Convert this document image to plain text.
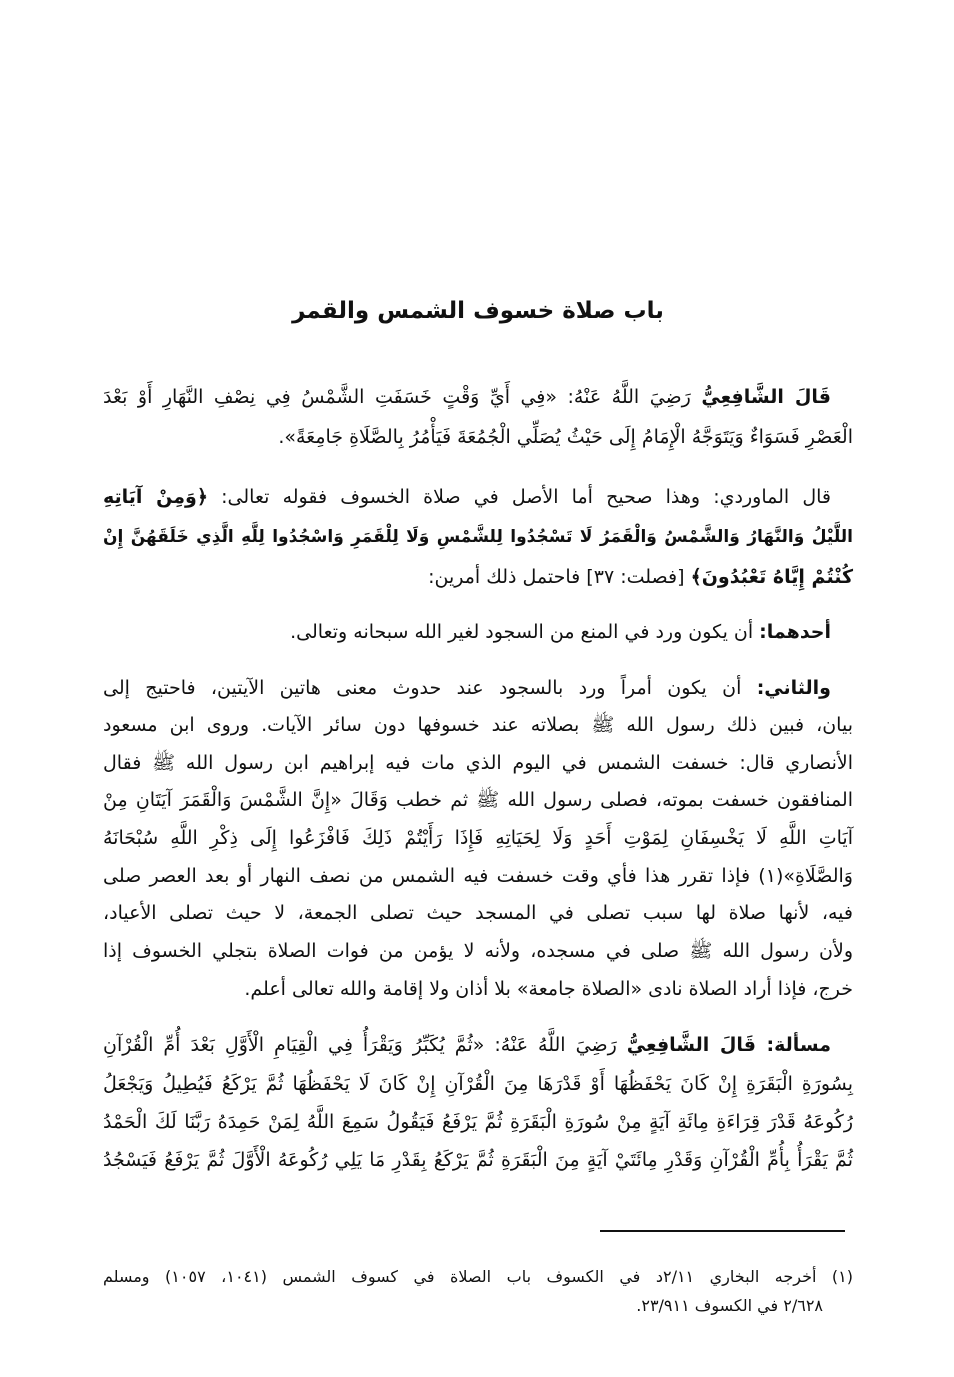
باب صلاة خسوف الشمس والقمر
قَالَ الشَّافِعِيُّ رَضِيَ اللَّهُ عَنْهُ: «فِي أَيِّ وَقْتٍ خَسَفَتِ الشَّمْسُ فِي نِصْفِ النَّهَارِ أَوْ بَعْدَ
الْعَصْرِ فَسَوَاءٌ وَيَتَوَجَّهُ الْإِمَامُ إِلَى حَيْثُ يُصَلِّي الْجُمُعَةَ فَيَأْمُرُ بِالصَّلَاةِ جَامِعَةً».
قال الماوردي: وهذا صحيح أما الأصل في صلاة الخسوف فقوله تعالى: ﴿وَمِنْ آيَاتِهِ
اللَّيْلُ وَالنَّهَارُ وَالشَّمْسُ وَالْقَمَرُ لَا تَسْجُدُوا لِلشَّمْسِ وَلَا لِلْقَمَرِ وَاسْجُدُوا لِلَّهِ الَّذِي خَلَقَهُنَّ إِنْ
كُنْتُمْ إِيَّاهُ تَعْبُدُونَ﴾ [فصلت: ٣٧] فاحتمل ذلك أمرين:
أحدهما: أن يكون ورد في المنع من السجود لغير الله سبحانه وتعالى.
والثاني: أن يكون أمراً ورد بالسجود عند حدوث معنى هاتين الآيتين، فاحتيج إلى
بيان، فبين ذلك رسول الله ﷺ بصلاته عند خسوفها دون سائر الآيات. وروى ابن مسعود
الأنصاري قال: خسفت الشمس في اليوم الذي مات فيه إبراهيم ابن رسول الله ﷺ فقال
المنافقون خسفت بموته، فصلى رسول الله ﷺ ثم خطب وَقَالَ «إِنَّ الشَّمْسَ وَالْقَمَرَ آيَتَانِ مِنْ
آيَاتِ اللَّهِ لَا يَخْسِفَانِ لِمَوْتِ أَحَدٍ وَلَا لِحَيَاتِهِ فَإِذَا رَأَيْتُمْ ذَلِكَ فَافْزَعُوا إِلَى ذِكْرِ اللَّهِ سُبْحَانَهُ
وَالصَّلَاةِ»(١) فإذا تقرر هذا فأي وقت خسفت فيه الشمس من نصف النهار أو بعد العصر صلى
فيه، لأنها صلاة لها سبب تصلى في المسجد حيث تصلى الجمعة، لا حيث تصلى الأعياد،
ولأن رسول الله ﷺ صلى في مسجده، ولأنه لا يؤمن من فوات الصلاة بتجلي الخسوف إذا
خرج، فإذا أراد الصلاة نادى «الصلاة جامعة» بلا أذان ولا إقامة والله تعالى أعلم.
مسألة: قَالَ الشَّافِعِيُّ رَضِيَ اللَّهُ عَنْهُ: «ثُمَّ يُكَبِّرُ وَيَقْرَأُ فِي الْقِيَامِ الْأَوَّلِ بَعْدَ أُمِّ الْقُرْآنِ
بِسُورَةِ الْبَقَرَةِ إِنْ كَانَ يَحْفَظُهَا أَوْ قَدْرَهَا مِنَ الْقُرْآنِ إِنْ كَانَ لَا يَحْفَظُهَا ثُمَّ يَرْكَعُ فَيُطِيلُ وَيَجْعَلُ
رُكُوعَهُ قَدْرَ قِرَاءَةِ مِائَةِ آيَةٍ مِنْ سُورَةِ الْبَقَرَةِ ثُمَّ يَرْفَعُ فَيَقُولُ سَمِعَ اللَّهُ لِمَنْ حَمِدَهُ رَبَّنَا لَكَ الْحَمْدُ
ثُمَّ يَقْرَأُ بِأُمِّ الْقُرْآنِ وَقَدْرِ مِائَتَيْ آيَةٍ مِنَ الْبَقَرَةِ ثُمَّ يَرْكَعُ بِقَدْرِ مَا يَلِي رُكُوعَهُ الْأَوَّلَ ثُمَّ يَرْفَعُ فَيَسْجُدُ
(١) أخرجه البخاري ٢/١١د في الكسوف باب الصلاة في كسوف الشمس (١٠٤١، ١٠٥٧) ومسلم
٢/٦٢٨ في الكسوف ٢٣/٩١١.
